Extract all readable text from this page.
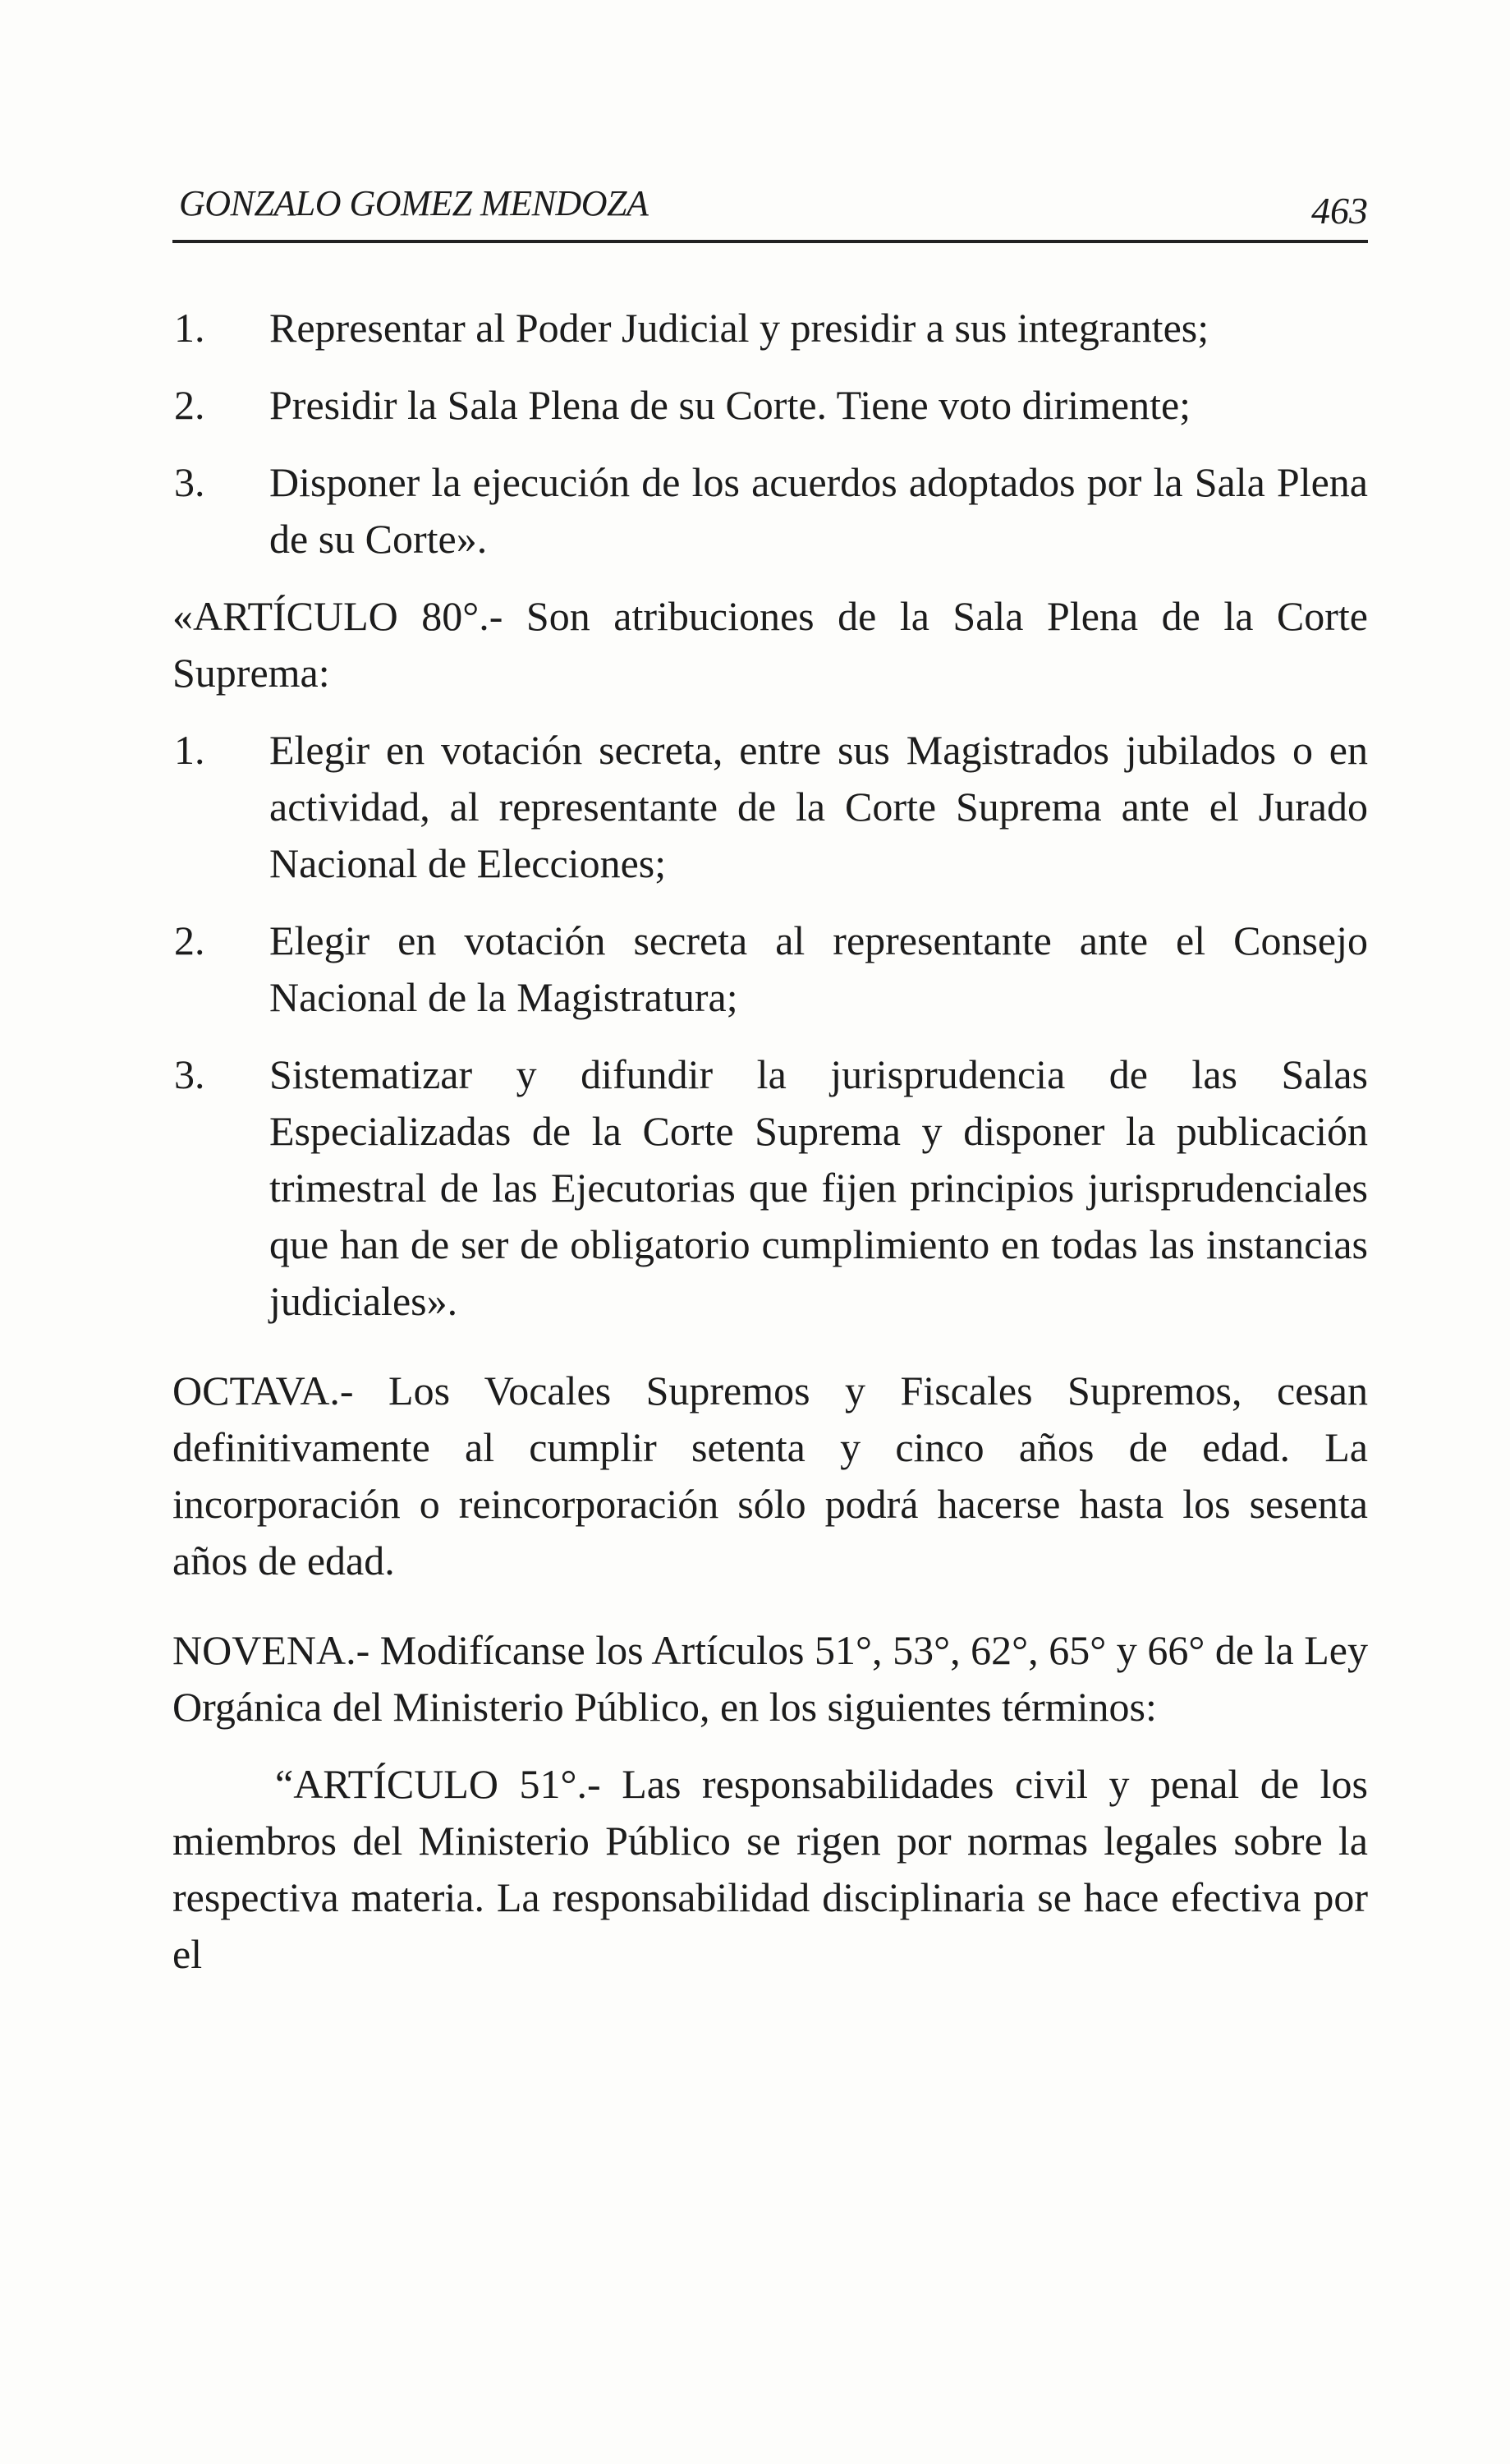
GONZALO GOMEZ MENDOZA	463
1. Representar al Poder Judicial y presidir a sus integrantes;
2. Presidir la Sala Plena de su Corte. Tiene voto dirimente;
3. Disponer la ejecución de los acuerdos adoptados por la Sala Plena de su Corte».

«ARTÍCULO 80°.- Son atribuciones de la Sala Plena de la Corte Suprema:

1. Elegir en votación secreta, entre sus Magistrados jubilados o en actividad, al representante de la Corte Suprema ante el Jurado Nacional de Elecciones;
2. Elegir en votación secreta al representante ante el Consejo Nacional de la Magistratura;
3. Sistematizar y difundir la jurisprudencia de las Salas Especializadas de la Corte Suprema y disponer la publicación trimestral de las Ejecutorias que fijen principios jurisprudenciales que han de ser de obligatorio cumplimiento en todas las instancias judiciales».

OCTAVA.- Los Vocales Supremos y Fiscales Supremos, cesan definitivamente al cumplir setenta y cinco años de edad. La incorporación o reincorporación sólo podrá hacerse hasta los sesenta años de edad.

NOVENA.- Modifícanse los Artículos 51°, 53°, 62°, 65° y 66° de la Ley Orgánica del Ministerio Público, en los siguientes términos:

“ARTÍCULO 51°.- Las responsabilidades civil y penal de los miembros del Ministerio Público se rigen por normas legales sobre la respectiva materia. La responsabilidad disciplinaria se hace efectiva por el
